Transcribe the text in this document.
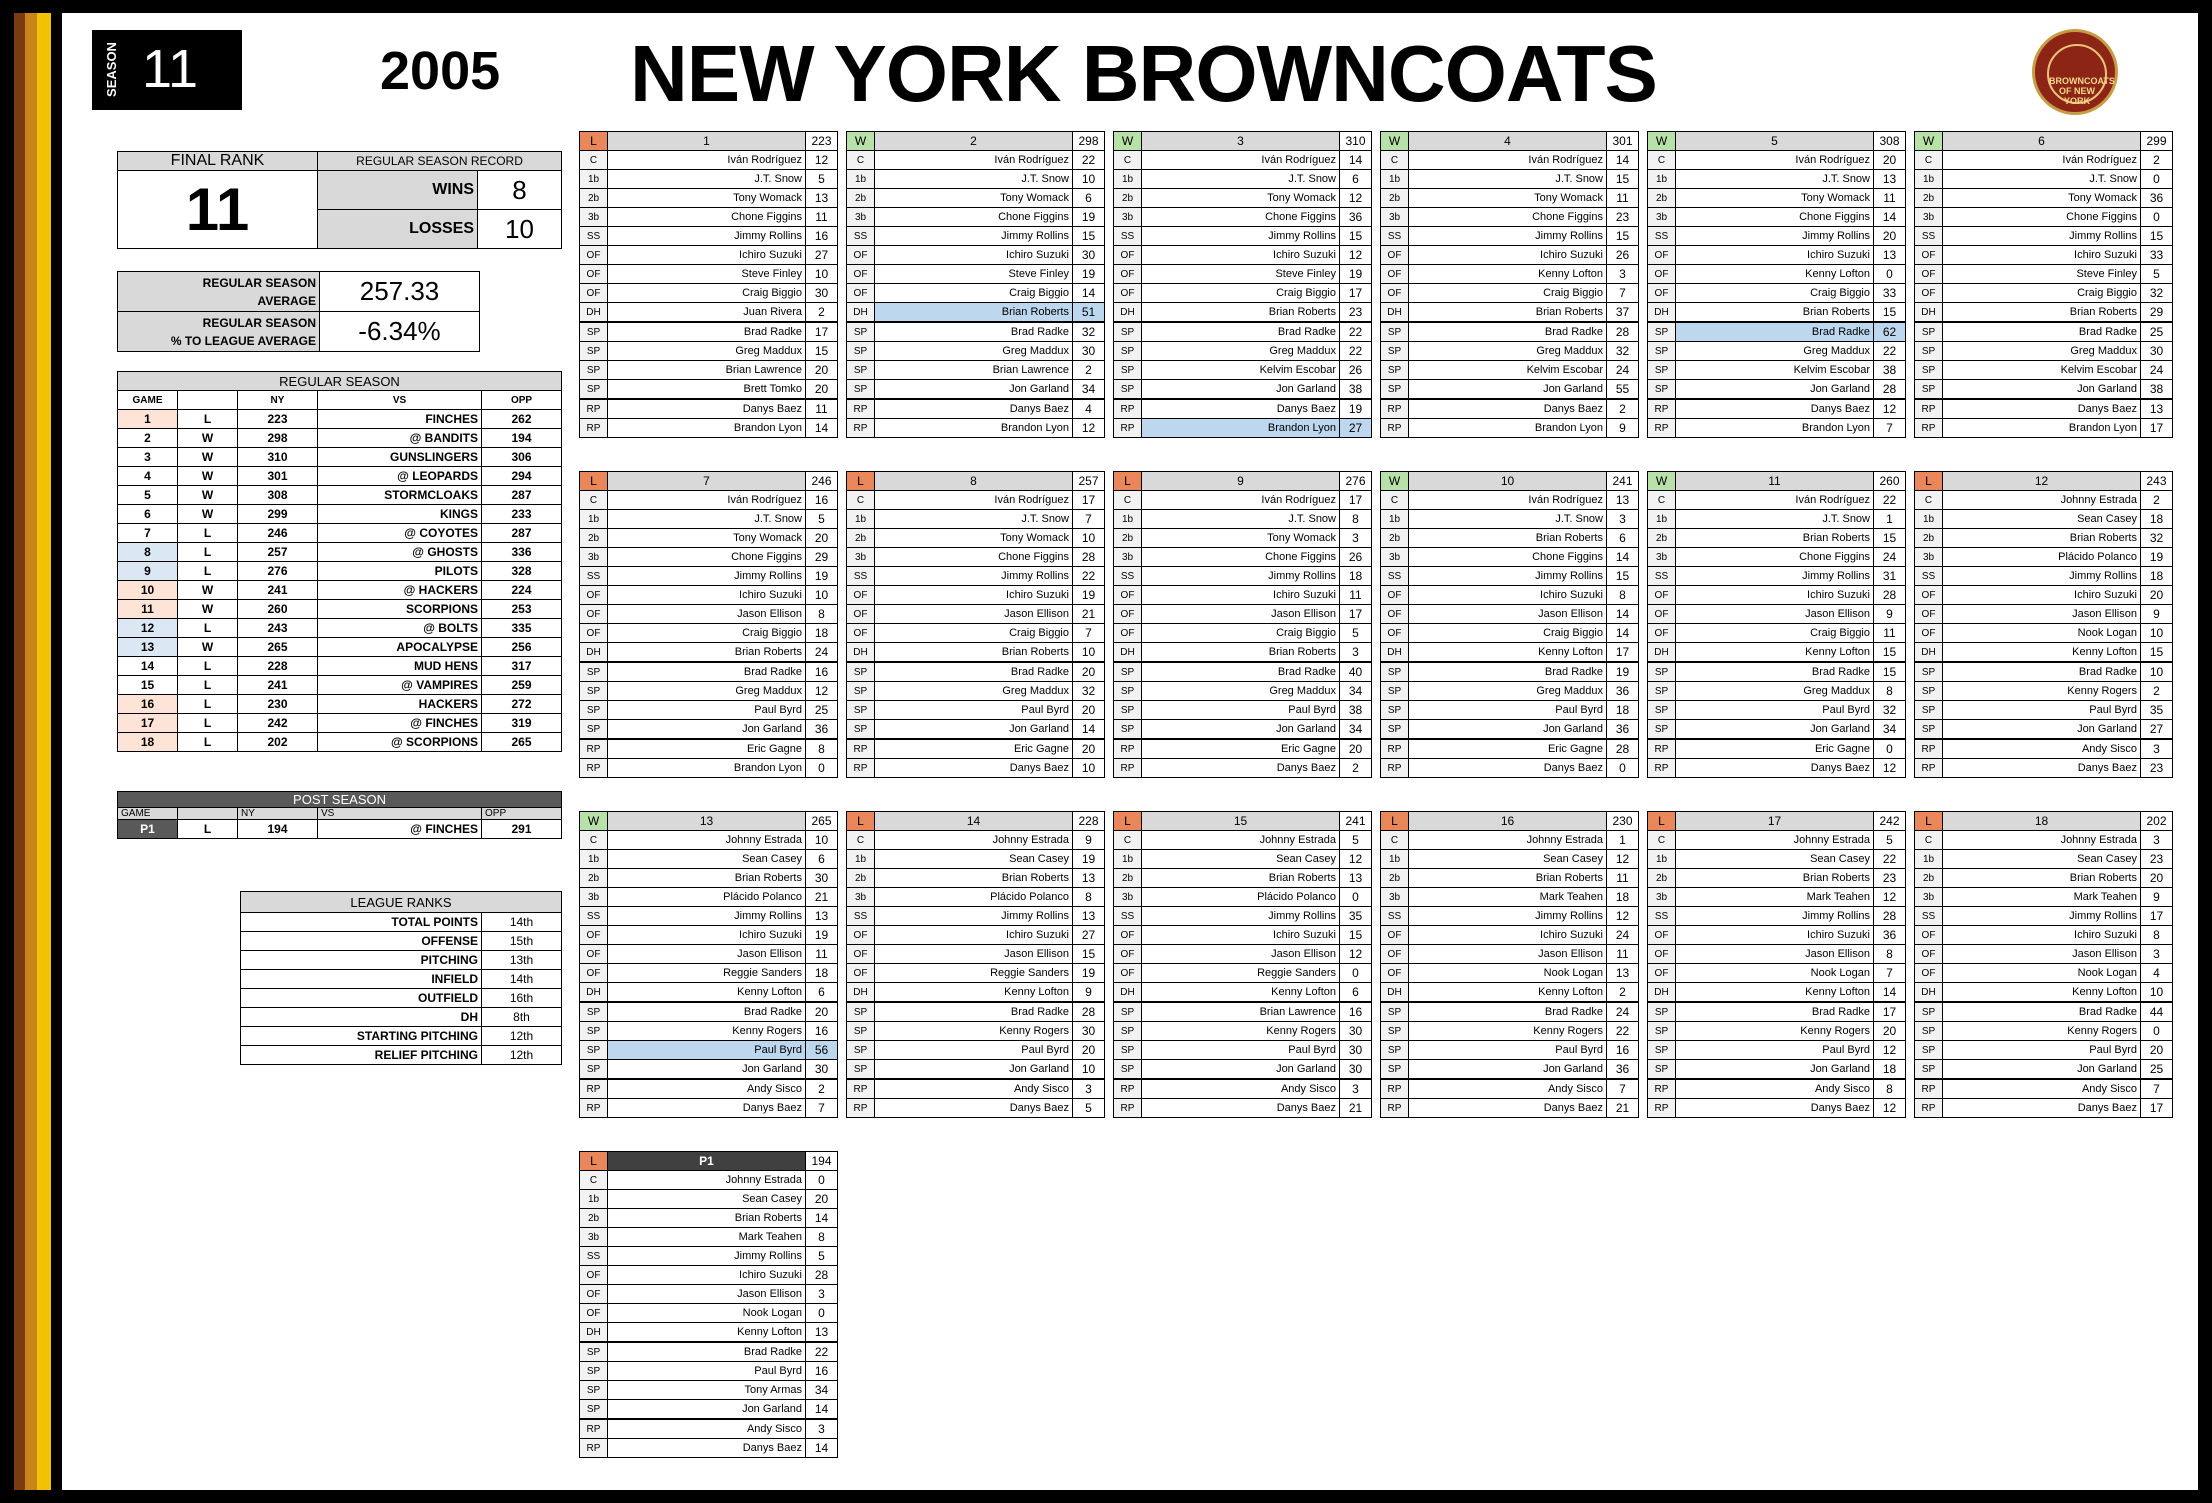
SEASON 11	2005 NEW YORK BROWNCOATS	BROWNCOATS OF NEW YORK
FINAL RANK	REGULAR SEASON RECORD	
11	WINS	8
	LOSSES	10
REGULAR SEASON
AVERAGE	257.33
REGULAR SEASON
% TO LEAGUE AVERAGE	-6.34%
REGULAR SEASON				
GAME		NY	VS	OPP
1	L	223	FINCHES	262
2	W	298	@ BANDITS	194
3	W	310	GUNSLINGERS	306
4	W	301	@ LEOPARDS	294
5	W	308	STORMCLOAKS	287
6	W	299	KINGS	233
7	L	246	@ COYOTES	287
8	L	257	@ GHOSTS	336
9	L	276	PILOTS	328
10	W	241	@ HACKERS	224
11	W	260	SCORPIONS	253
12	L	243	@ BOLTS	335
13	W	265	APOCALYPSE	256
14	L	228	MUD HENS	317
15	L	241	@ VAMPIRES	259
16	L	230	HACKERS	272
17	L	242	@ FINCHES	319
18	L	202	@ SCORPIONS	265
POST SEASON				
GAME		NY	VS	OPP
P1	L	194	@ FINCHES	291
LEAGUE RANKS	
TOTAL POINTS	14th
OFFENSE	15th
PITCHING	13th
INFIELD	14th
OUTFIELD	16th
DH	8th
STARTING PITCHING	12th
RELIEF PITCHING	12th
L	1	223
C	Iván Rodríguez	12
1b	J.T. Snow	5
2b	Tony Womack	13
3b	Chone Figgins	11
SS	Jimmy Rollins	16
OF	Ichiro Suzuki	27
OF	Steve Finley	10
OF	Craig Biggio	30
DH	Juan Rivera	2
SP	Brad Radke	17
SP	Greg Maddux	15
SP	Brian Lawrence	20
SP	Brett Tomko	20
RP	Danys Baez	11
RP	Brandon Lyon	14
W	2	298
C	Iván Rodríguez	22
1b	J.T. Snow	10
2b	Tony Womack	6
3b	Chone Figgins	19
SS	Jimmy Rollins	15
OF	Ichiro Suzuki	30
OF	Steve Finley	19
OF	Craig Biggio	14
DH	Brian Roberts	51
SP	Brad Radke	32
SP	Greg Maddux	30
SP	Brian Lawrence	2
SP	Jon Garland	34
RP	Danys Baez	4
RP	Brandon Lyon	12
W	3	310
C	Iván Rodríguez	14
1b	J.T. Snow	6
2b	Tony Womack	12
3b	Chone Figgins	36
SS	Jimmy Rollins	15
OF	Ichiro Suzuki	12
OF	Steve Finley	19
OF	Craig Biggio	17
DH	Brian Roberts	23
SP	Brad Radke	22
SP	Greg Maddux	22
SP	Kelvim Escobar	26
SP	Jon Garland	38
RP	Danys Baez	19
RP	Brandon Lyon	27
W	4	301
C	Iván Rodríguez	14
1b	J.T. Snow	15
2b	Tony Womack	11
3b	Chone Figgins	23
SS	Jimmy Rollins	15
OF	Ichiro Suzuki	26
OF	Kenny Lofton	3
OF	Craig Biggio	7
DH	Brian Roberts	37
SP	Brad Radke	28
SP	Greg Maddux	32
SP	Kelvim Escobar	24
SP	Jon Garland	55
RP	Danys Baez	2
RP	Brandon Lyon	9
W	5	308
C	Iván Rodríguez	20
1b	J.T. Snow	13
2b	Tony Womack	11
3b	Chone Figgins	14
SS	Jimmy Rollins	20
OF	Ichiro Suzuki	13
OF	Kenny Lofton	0
OF	Craig Biggio	33
DH	Brian Roberts	15
SP	Brad Radke	62
SP	Greg Maddux	22
SP	Kelvim Escobar	38
SP	Jon Garland	28
RP	Danys Baez	12
RP	Brandon Lyon	7
W	6	299
C	Iván Rodríguez	2
1b	J.T. Snow	0
2b	Tony Womack	36
3b	Chone Figgins	0
SS	Jimmy Rollins	15
OF	Ichiro Suzuki	33
OF	Steve Finley	5
OF	Craig Biggio	32
DH	Brian Roberts	29
SP	Brad Radke	25
SP	Greg Maddux	30
SP	Kelvim Escobar	24
SP	Jon Garland	38
RP	Danys Baez	13
RP	Brandon Lyon	17
L	7	246
C	Iván Rodríguez	16
1b	J.T. Snow	5
2b	Tony Womack	20
3b	Chone Figgins	29
SS	Jimmy Rollins	19
OF	Ichiro Suzuki	10
OF	Jason Ellison	8
OF	Craig Biggio	18
DH	Brian Roberts	24
SP	Brad Radke	16
SP	Greg Maddux	12
SP	Paul Byrd	25
SP	Jon Garland	36
RP	Eric Gagne	8
RP	Brandon Lyon	0
L	8	257
C	Iván Rodríguez	17
1b	J.T. Snow	7
2b	Tony Womack	10
3b	Chone Figgins	28
SS	Jimmy Rollins	22
OF	Ichiro Suzuki	19
OF	Jason Ellison	21
OF	Craig Biggio	7
DH	Brian Roberts	10
SP	Brad Radke	20
SP	Greg Maddux	32
SP	Paul Byrd	20
SP	Jon Garland	14
RP	Eric Gagne	20
RP	Danys Baez	10
L	9	276
C	Iván Rodríguez	17
1b	J.T. Snow	8
2b	Tony Womack	3
3b	Chone Figgins	26
SS	Jimmy Rollins	18
OF	Ichiro Suzuki	11
OF	Jason Ellison	17
OF	Craig Biggio	5
DH	Brian Roberts	3
SP	Brad Radke	40
SP	Greg Maddux	34
SP	Paul Byrd	38
SP	Jon Garland	34
RP	Eric Gagne	20
RP	Danys Baez	2
W	10	241
C	Iván Rodríguez	13
1b	J.T. Snow	3
2b	Brian Roberts	6
3b	Chone Figgins	14
SS	Jimmy Rollins	15
OF	Ichiro Suzuki	8
OF	Jason Ellison	14
OF	Craig Biggio	14
DH	Kenny Lofton	17
SP	Brad Radke	19
SP	Greg Maddux	36
SP	Paul Byrd	18
SP	Jon Garland	36
RP	Eric Gagne	28
RP	Danys Baez	0
W	11	260
C	Iván Rodríguez	22
1b	J.T. Snow	1
2b	Brian Roberts	15
3b	Chone Figgins	24
SS	Jimmy Rollins	31
OF	Ichiro Suzuki	28
OF	Jason Ellison	9
OF	Craig Biggio	11
DH	Kenny Lofton	15
SP	Brad Radke	15
SP	Greg Maddux	8
SP	Paul Byrd	32
SP	Jon Garland	34
RP	Eric Gagne	0
RP	Danys Baez	12
L	12	243
C	Johnny Estrada	2
1b	Sean Casey	18
2b	Brian Roberts	32
3b	Plácido Polanco	19
SS	Jimmy Rollins	18
OF	Ichiro Suzuki	20
OF	Jason Ellison	9
OF	Nook Logan	10
DH	Kenny Lofton	15
SP	Brad Radke	10
SP	Kenny Rogers	2
SP	Paul Byrd	35
SP	Jon Garland	27
RP	Andy Sisco	3
RP	Danys Baez	23
W	13	265
C	Johnny Estrada	10
1b	Sean Casey	6
2b	Brian Roberts	30
3b	Plácido Polanco	21
SS	Jimmy Rollins	13
OF	Ichiro Suzuki	19
OF	Jason Ellison	11
OF	Reggie Sanders	18
DH	Kenny Lofton	6
SP	Brad Radke	20
SP	Kenny Rogers	16
SP	Paul Byrd	56
SP	Jon Garland	30
RP	Andy Sisco	2
RP	Danys Baez	7
L	14	228
C	Johnny Estrada	9
1b	Sean Casey	19
2b	Brian Roberts	13
3b	Plácido Polanco	8
SS	Jimmy Rollins	13
OF	Ichiro Suzuki	27
OF	Jason Ellison	15
OF	Reggie Sanders	19
DH	Kenny Lofton	9
SP	Brad Radke	28
SP	Kenny Rogers	30
SP	Paul Byrd	20
SP	Jon Garland	10
RP	Andy Sisco	3
RP	Danys Baez	5
L	15	241
C	Johnny Estrada	5
1b	Sean Casey	12
2b	Brian Roberts	13
3b	Plácido Polanco	0
SS	Jimmy Rollins	35
OF	Ichiro Suzuki	15
OF	Jason Ellison	12
OF	Reggie Sanders	0
DH	Kenny Lofton	6
SP	Brian Lawrence	16
SP	Kenny Rogers	30
SP	Paul Byrd	30
SP	Jon Garland	30
RP	Andy Sisco	3
RP	Danys Baez	21
L	16	230
C	Johnny Estrada	1
1b	Sean Casey	12
2b	Brian Roberts	11
3b	Mark Teahen	18
SS	Jimmy Rollins	12
OF	Ichiro Suzuki	24
OF	Jason Ellison	11
OF	Nook Logan	13
DH	Kenny Lofton	2
SP	Brad Radke	24
SP	Kenny Rogers	22
SP	Paul Byrd	16
SP	Jon Garland	36
RP	Andy Sisco	7
RP	Danys Baez	21
L	17	242
C	Johnny Estrada	5
1b	Sean Casey	22
2b	Brian Roberts	23
3b	Mark Teahen	12
SS	Jimmy Rollins	28
OF	Ichiro Suzuki	36
OF	Jason Ellison	8
OF	Nook Logan	7
DH	Kenny Lofton	14
SP	Brad Radke	17
SP	Kenny Rogers	20
SP	Paul Byrd	12
SP	Jon Garland	18
RP	Andy Sisco	8
RP	Danys Baez	12
L	18	202
C	Johnny Estrada	3
1b	Sean Casey	23
2b	Brian Roberts	20
3b	Mark Teahen	9
SS	Jimmy Rollins	17
OF	Ichiro Suzuki	8
OF	Jason Ellison	3
OF	Nook Logan	4
DH	Kenny Lofton	10
SP	Brad Radke	44
SP	Kenny Rogers	0
SP	Paul Byrd	20
SP	Jon Garland	25
RP	Andy Sisco	7
RP	Danys Baez	17
L	P1	194
C	Johnny Estrada	0
1b	Sean Casey	20
2b	Brian Roberts	14
3b	Mark Teahen	8
SS	Jimmy Rollins	5
OF	Ichiro Suzuki	28
OF	Jason Ellison	3
OF	Nook Logan	0
DH	Kenny Lofton	13
SP	Brad Radke	22
SP	Paul Byrd	16
SP	Tony Armas	34
SP	Jon Garland	14
RP	Andy Sisco	3
RP	Danys Baez	14
